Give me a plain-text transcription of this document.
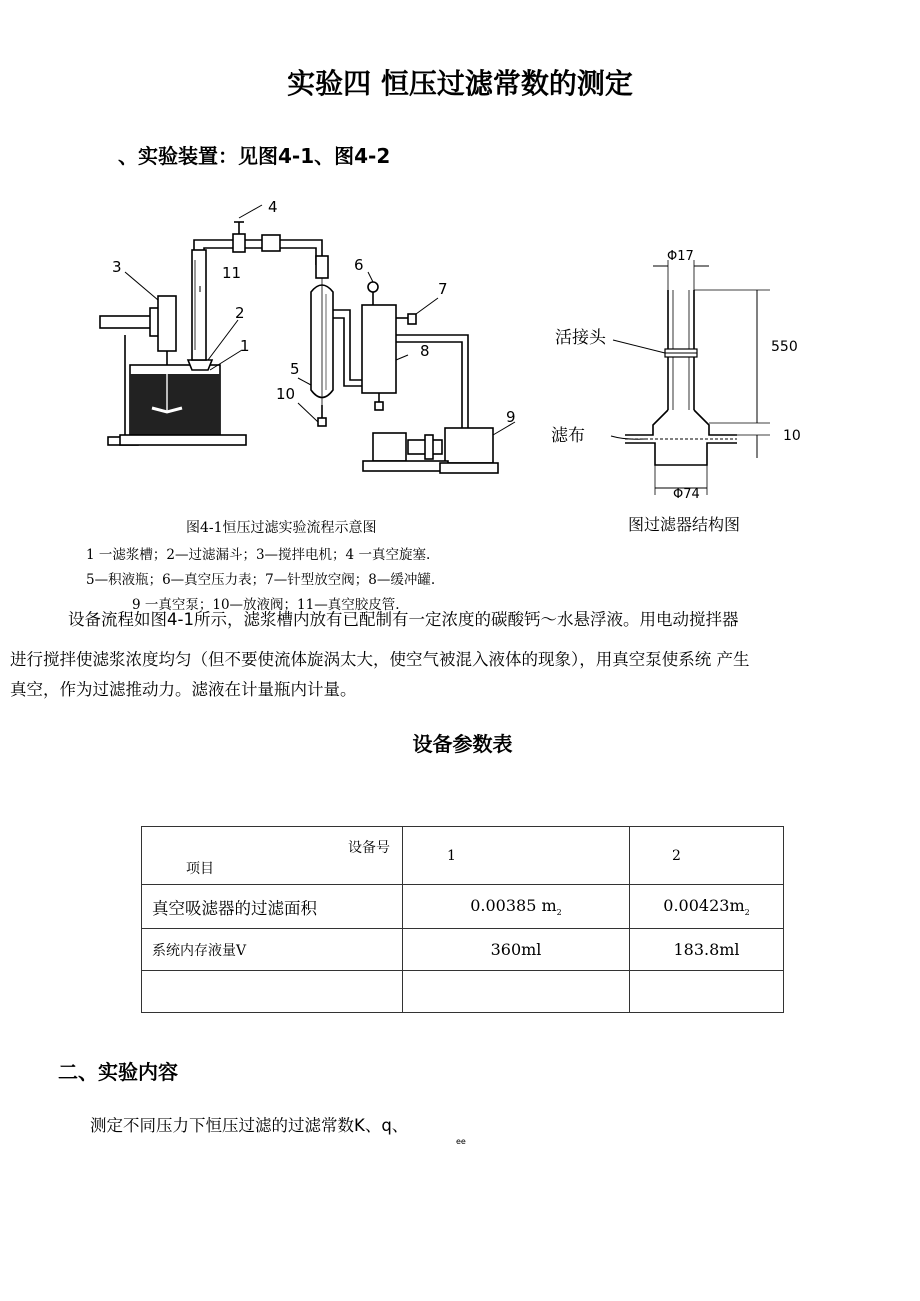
实验四 恒压过滤常数的测定
、实验装置：见图4-1、图4-2
4
3	11
2
1
5
10
6
7
8
9
Φ17
550
10
Φ74
活接头
滤布
图4-1恒压过滤实验流程示意图	图过滤器结构图
1 一滤浆槽；2—过滤漏斗；3—搅拌电机；4 一真空旋塞.
5—积液瓶；6—真空压力表；7—针型放空阀；8—缓冲罐.
9 一真空泵；10—放液阀；11—真空胶皮管.
设备流程如图4-1所示，滤浆槽内放有已配制有一定浓度的碳酸钙～水悬浮液。用电动搅拌器
进行搅拌使滤浆浓度均匀（但不要使流体旋涡太大，使空气被混入液体的现象），用真空泵使系统 产生
真空，作为过滤推动力。滤液在计量瓶内计量。
设备参数表
设备号
项目	1	2
真空吸滤器的过滤面积	0.00385 $m_2$	$0.00423m_2$
系统内存液量V	360ml	183.8ml

二、实验内容
测定不同压力下恒压过滤的过滤常数K、q、
ee
